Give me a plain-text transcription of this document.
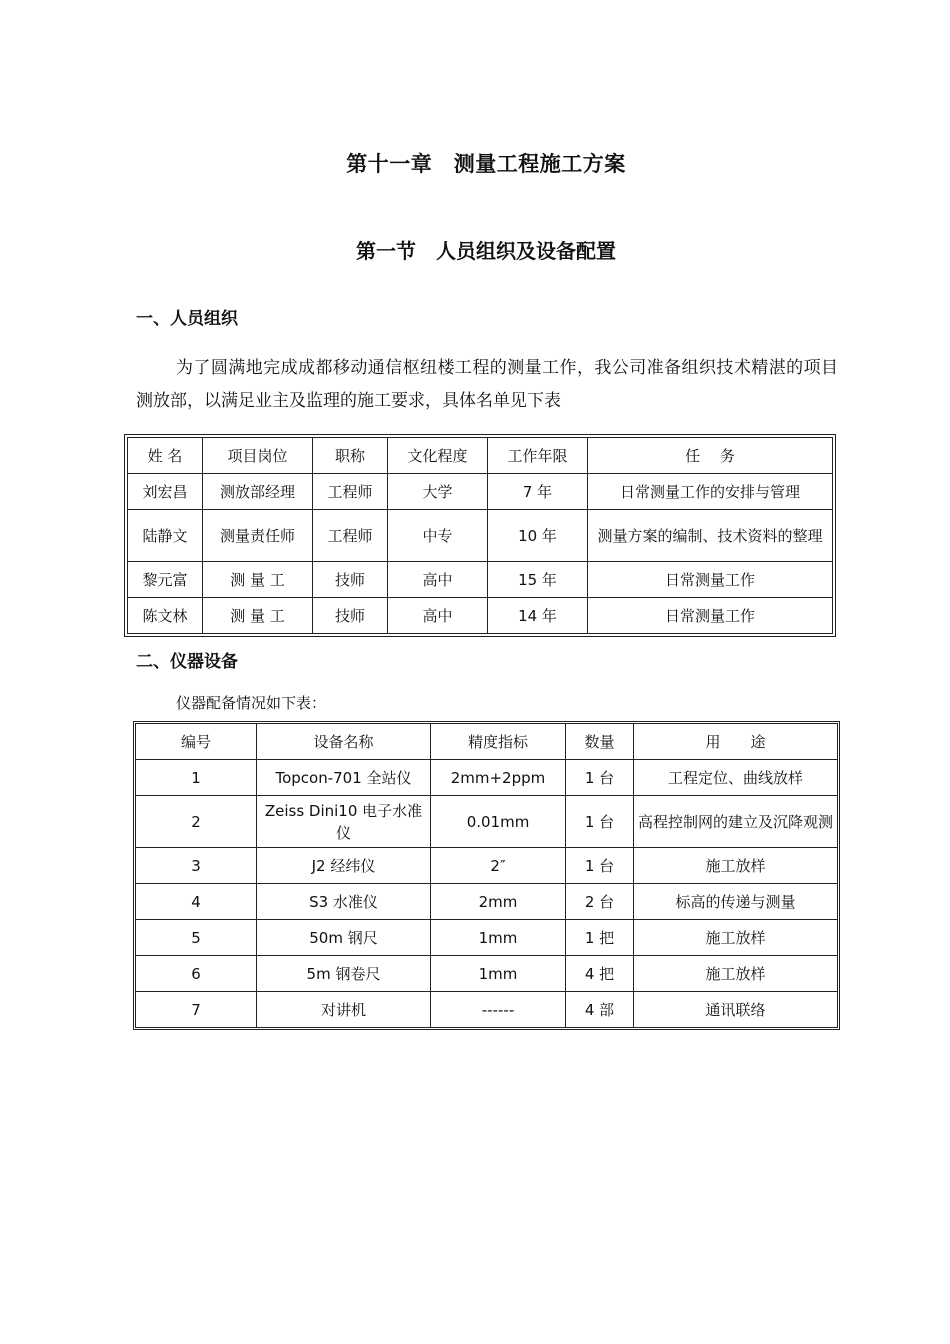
第十一章　测量工程施工方案
第一节　人员组织及设备配置
一、人员组织
为了圆满地完成成都移动通信枢纽楼工程的测量工作，我公司准备组织技术精湛的项目测放部，以满足业主及监理的施工要求，具体名单见下表
姓 名	项目岗位	职称	文化程度	工作年限	任　 务
刘宏昌	测放部经理	工程师	大学	7 年	日常测量工作的安排与管理
陆静文	测量责任师	工程师	中专	10 年	测量方案的编制、技术资料的整理
黎元富	测 量 工	技师	高中	15 年	日常测量工作
陈文林	测 量 工	技师	高中	14 年	日常测量工作
二、仪器设备
仪器配备情况如下表：
编号	设备名称	精度指标	数量	用　　途
1	Topcon-701 全站仪	2mm+2ppm	1 台	工程定位、曲线放样
2	Zeiss Dini10 电子水准仪	0.01mm	1 台	高程控制网的建立及沉降观测
3	J2 经纬仪	2″	1 台	施工放样
4	S3 水准仪	2mm	2 台	标高的传递与测量
5	50m 钢尺	1mm	1 把	施工放样
6	5m 钢卷尺	1mm	4 把	施工放样
7	对讲机	------	4 部	通讯联络
